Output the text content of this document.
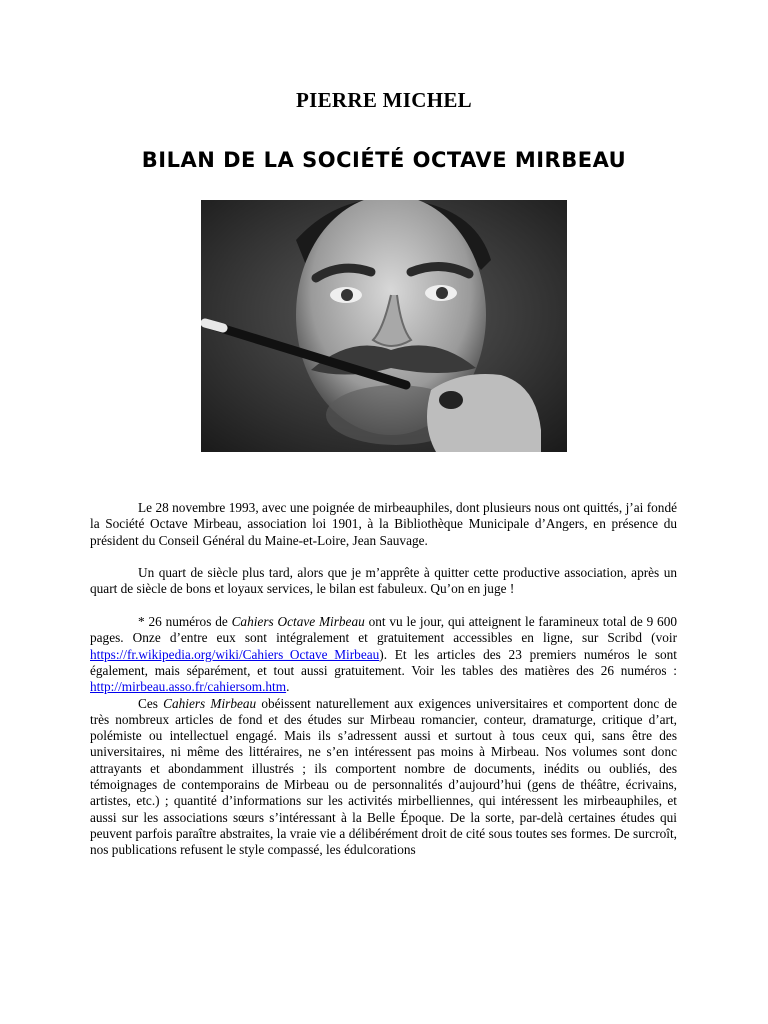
PIERRE MICHEL
BILAN DE LA SOCIÉTÉ OCTAVE MIRBEAU

Le 28 novembre 1993, avec une poignée de mirbeauphiles, dont plusieurs nous ont quittés, j’ai fondé la Société Octave Mirbeau, association loi 1901, à la Bibliothèque Municipale d’Angers, en présence du président du Conseil Général du Maine-et-Loire, Jean Sauvage.

Un quart de siècle plus tard, alors que je m’apprête à quitter cette productive association, après un quart de siècle de bons et loyaux services, le bilan est fabuleux. Qu’on en juge !

* 26 numéros de Cahiers Octave Mirbeau ont vu le jour, qui atteignent le faramineux total de 9 600 pages. Onze d’entre eux sont intégralement et gratuitement accessibles en ligne, sur Scribd (voir https://fr.wikipedia.org/wiki/Cahiers_Octave_Mirbeau). Et les articles des 23 premiers numéros le sont également, mais séparément, et tout aussi gratuitement. Voir les tables des matières des 26 numéros : http://mirbeau.asso.fr/cahiersom.htm.

Ces Cahiers Mirbeau obéissent naturellement aux exigences universitaires et comportent donc de très nombreux articles de fond et des études sur Mirbeau romancier, conteur, dramaturge, critique d’art, polémiste ou intellectuel engagé. Mais ils s’adressent aussi et surtout à tous ceux qui, sans être des universitaires, ni même des littéraires, ne s’en intéressent pas moins à Mirbeau. Nos volumes sont donc attrayants et abondamment illustrés ; ils comportent nombre de documents, inédits ou oubliés, des témoignages de contemporains de Mirbeau ou de personnalités d’aujourd’hui (gens de théâtre, écrivains, artistes, etc.) ; quantité d’informations sur les activités mirbelliennes, qui intéressent les mirbeauphiles, et aussi sur les associations sœurs s’intéressant à la Belle Époque. De la sorte, par-delà certaines études qui peuvent parfois paraître abstraites, la vraie vie a délibérément droit de cité sous toutes ses formes. De surcroît, nos publications refusent le style compassé, les édulcorations
